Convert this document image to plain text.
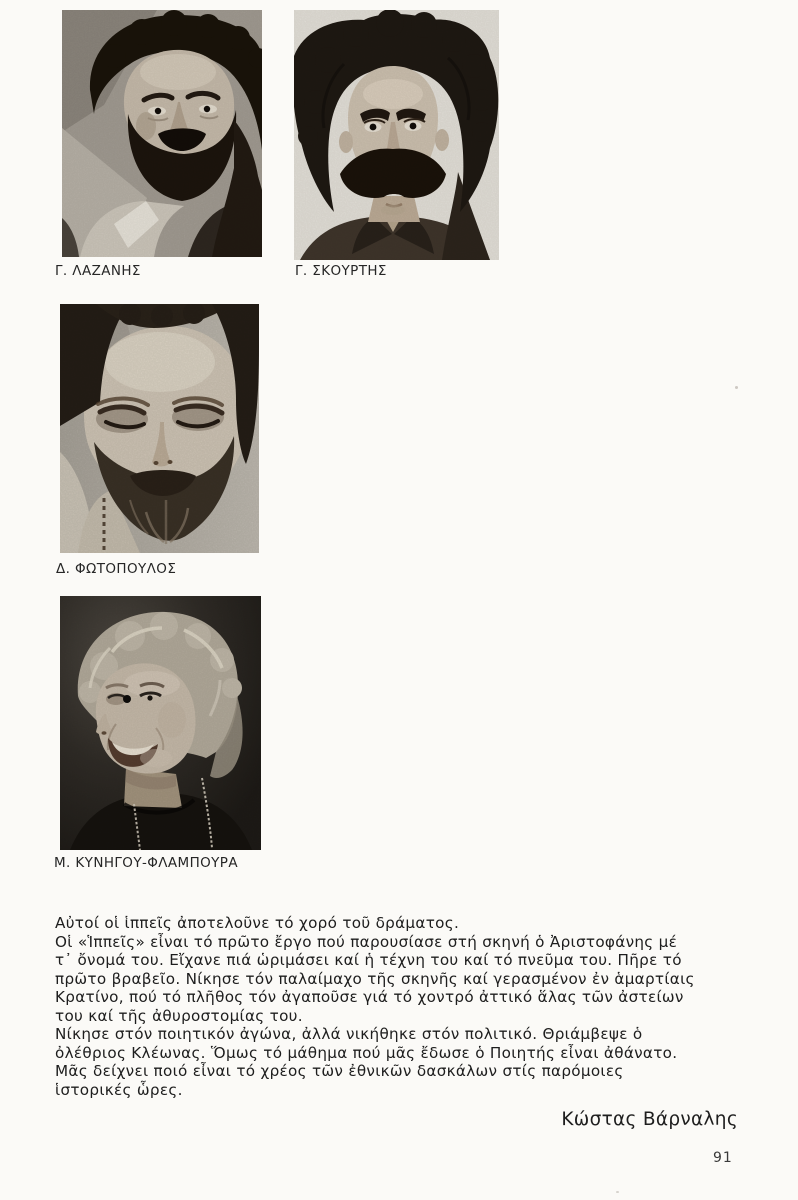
Γ. ΛΑΖΑΝΗΣ	Γ. ΣΚΟΥΡΤΗΣ
Δ. ΦΩΤΟΠΟΥΛΟΣ
Μ. ΚΥΝΗΓΟΥ-ΦΛΑΜΠΟΥΡΑ
Αὐτοί οἱ ἱππεῖς ἀποτελοῦνε τό χορό τοῦ δράματος.
Οἱ «Ἱππεῖς» εἶναι τό πρῶτο ἔργο πού παρουσίασε στή σκηνή ὁ Ἀριστοφάνης μέ
τ᾿ ὄνομά του. Εἴχανε πιά ὡριμάσει καί ἡ τέχνη του καί τό πνεῦμα του. Πῆρε τό
πρῶτο βραβεῖο. Νίκησε τόν παλαίμαχο τῆς σκηνῆς καί γερασμένον ἐν ἁμαρτίαις
Κρατίνο, πού τό πλῆθος τόν ἀγαποῦσε γιά τό χοντρό ἀττικό ἅλας τῶν ἀστείων
του καί τῆς ἀθυροστομίας του.
Νίκησε στόν ποιητικόν ἀγώνα, ἀλλά νικήθηκε στόν πολιτικό. Θριάμβεψε ὁ
ὀλέθριος Κλέωνας. Ὅμως τό μάθημα πού μᾶς ἔδωσε ὁ Ποιητής εἶναι ἀθάνατο.
Μᾶς δείχνει ποιό εἶναι τό χρέος τῶν ἐθνικῶν δασκάλων στίς παρόμοιες
ἱστορικές ὧρες.
Κώστας Βάρναλης
91
